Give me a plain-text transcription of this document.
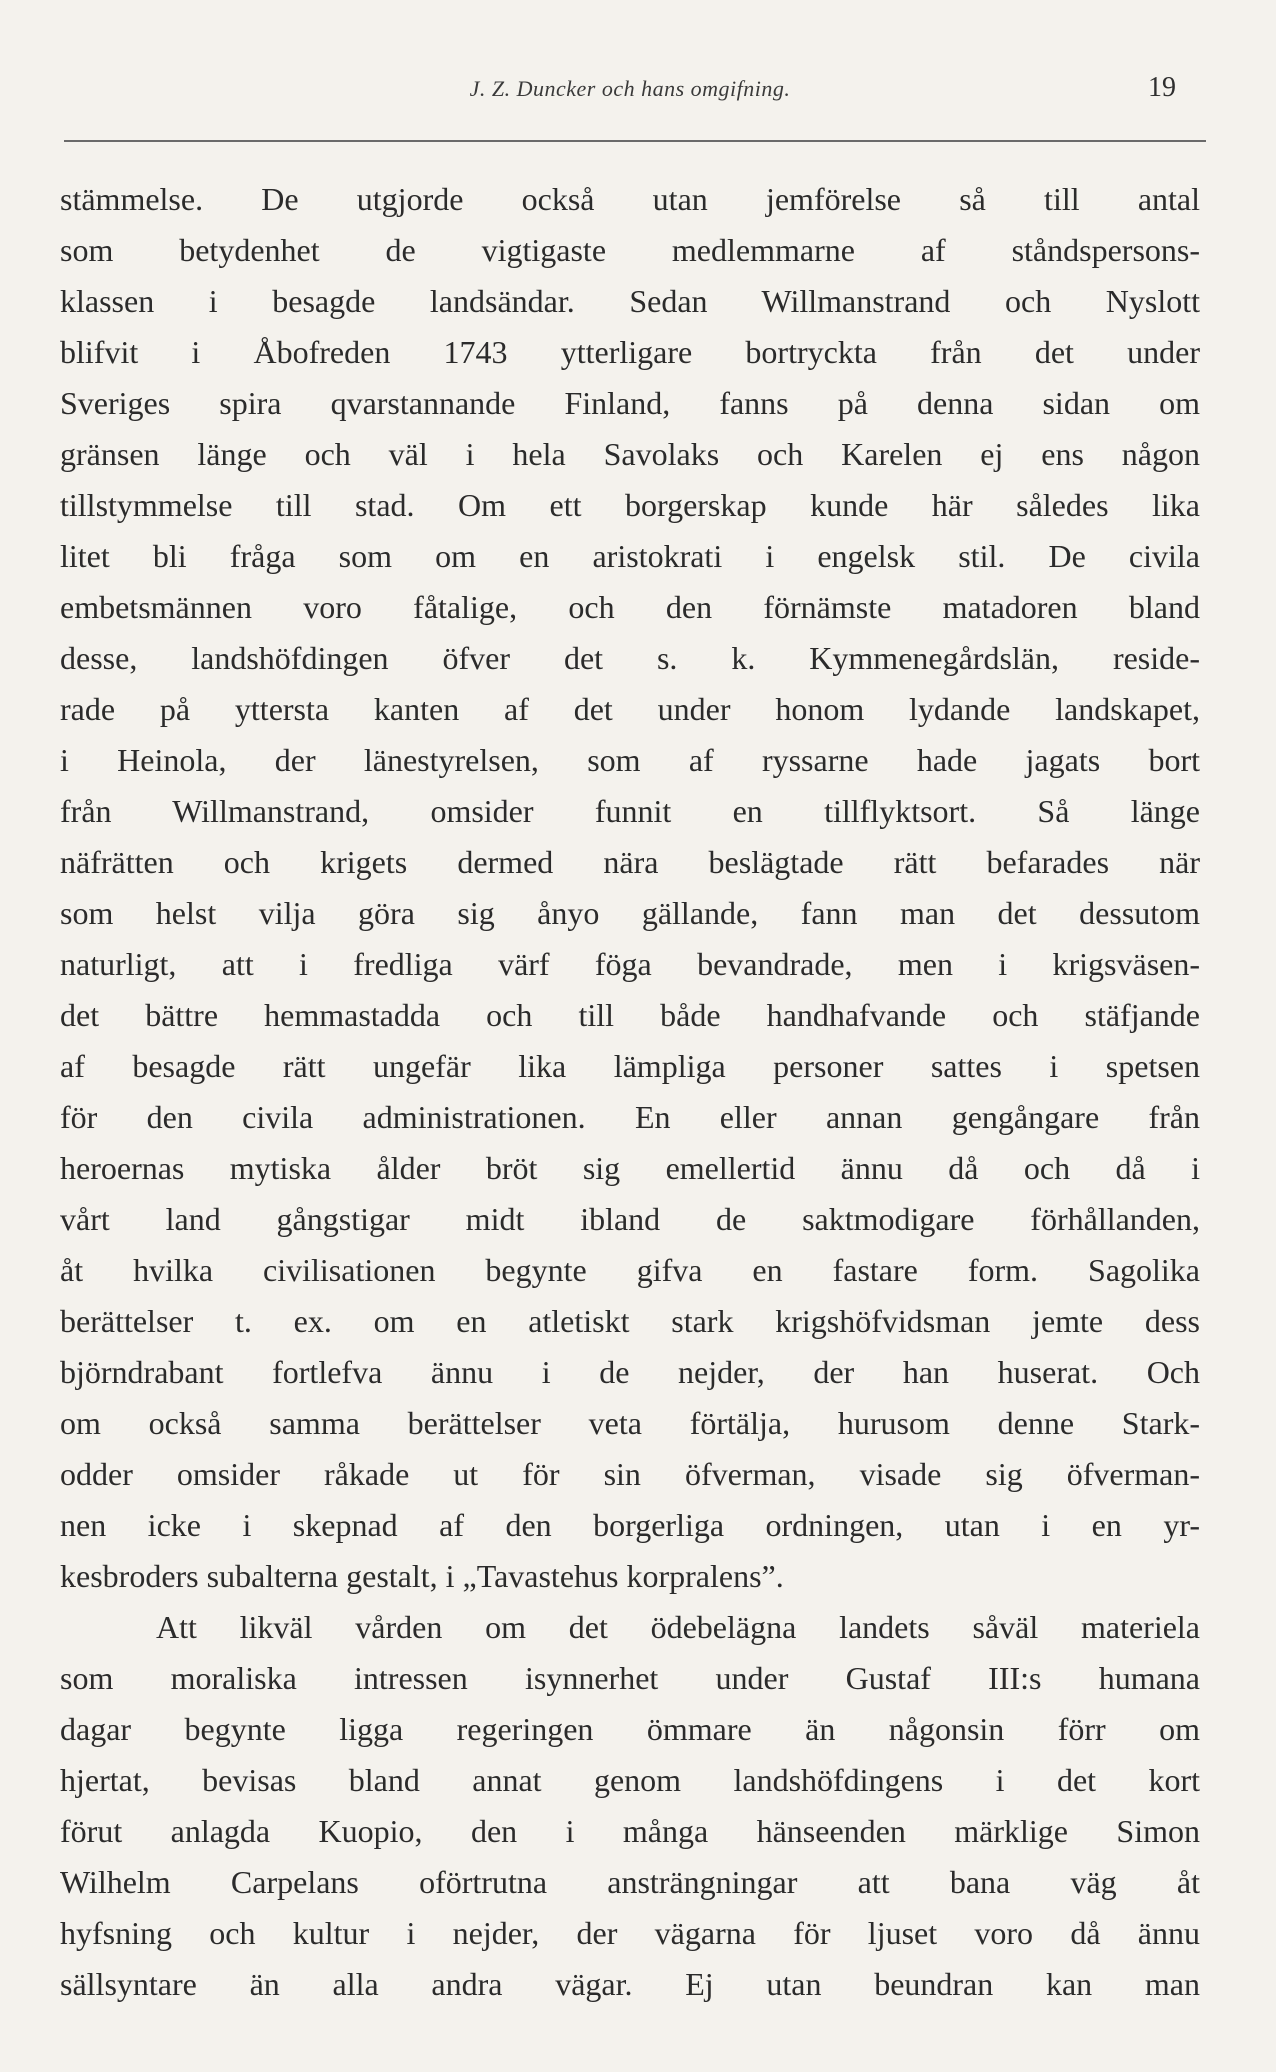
J. Z. Duncker och hans omgifning.	19
stämmelse. De utgjorde också utan jemförelse så till antal
som betydenhet de vigtigaste medlemmarne af ståndspersons-
klassen i besagde landsändar. Sedan Willmanstrand och Nyslott
blifvit i Åbofreden 1743 ytterligare bortryckta från det under
Sveriges spira qvarstannande Finland, fanns på denna sidan om
gränsen länge och väl i hela Savolaks och Karelen ej ens någon
tillstymmelse till stad. Om ett borgerskap kunde här således lika
litet bli fråga som om en aristokrati i engelsk stil. De civila
embetsmännen voro fåtalige, och den förnämste matadoren bland
desse, landshöfdingen öfver det s. k. Kymmenegårdslän, reside-
rade på yttersta kanten af det under honom lydande landskapet,
i Heinola, der länestyrelsen, som af ryssarne hade jagats bort
från Willmanstrand, omsider funnit en tillflyktsort. Så länge
näfrätten och krigets dermed nära beslägtade rätt befarades när
som helst vilja göra sig ånyo gällande, fann man det dessutom
naturligt, att i fredliga värf föga bevandrade, men i krigsväsen-
det bättre hemmastadda och till både handhafvande och stäfjande
af besagde rätt ungefär lika lämpliga personer sattes i spetsen
för den civila administrationen. En eller annan gengångare från
heroernas mytiska ålder bröt sig emellertid ännu då och då i
vårt land gångstigar midt ibland de saktmodigare förhållanden,
åt hvilka civilisationen begynte gifva en fastare form. Sagolika
berättelser t. ex. om en atletiskt stark krigshöfvidsman jemte dess
björndrabant fortlefva ännu i de nejder, der han huserat. Och
om också samma berättelser veta förtälja, hurusom denne Stark-
odder omsider råkade ut för sin öfverman, visade sig öfverman-
nen icke i skepnad af den borgerliga ordningen, utan i en yr-
kesbroders subalterna gestalt, i „Tavastehus korpralens”.
Att likväl vården om det ödebelägna landets såväl materiela
som moraliska intressen isynnerhet under Gustaf III:s humana
dagar begynte ligga regeringen ömmare än någonsin förr om
hjertat, bevisas bland annat genom landshöfdingens i det kort
förut anlagda Kuopio, den i många hänseenden märklige Simon
Wilhelm Carpelans oförtrutna ansträngningar att bana väg åt
hyfsning och kultur i nejder, der vägarna för ljuset voro då ännu
sällsyntare än alla andra vägar. Ej utan beundran kan man
